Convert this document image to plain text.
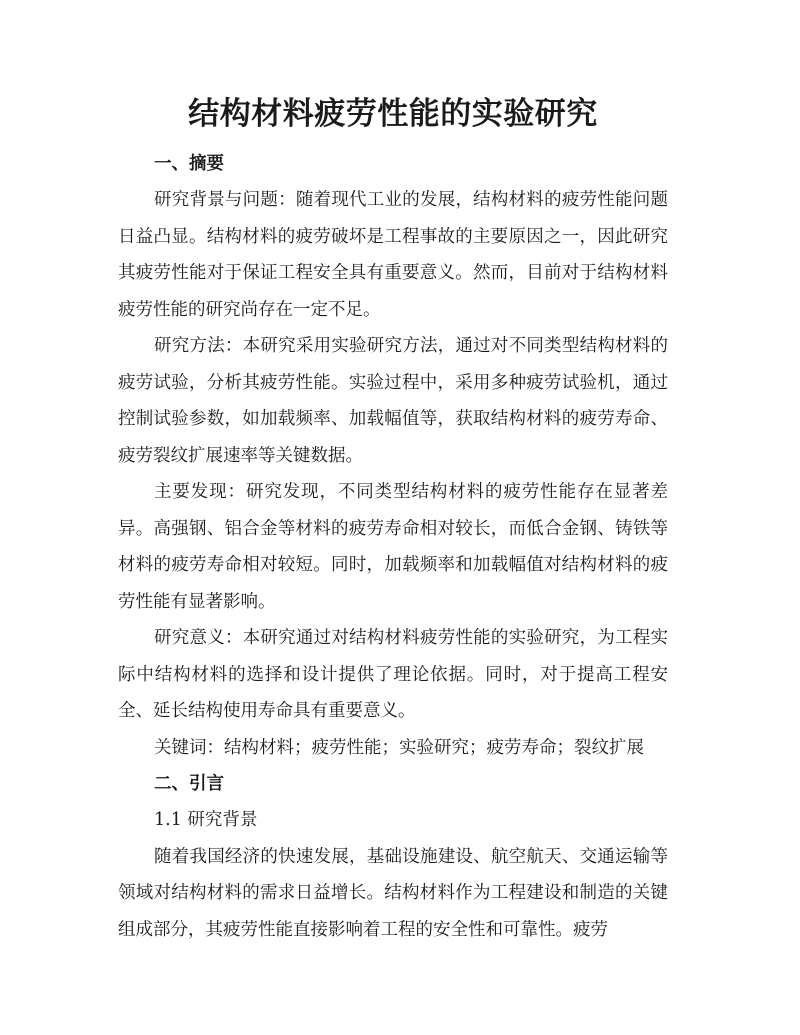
结构材料疲劳性能的实验研究
一、摘要

研究背景与问题：随着现代工业的发展，结构材料的疲劳性能问题日益凸显。结构材料的疲劳破坏是工程事故的主要原因之一，因此研究其疲劳性能对于保证工程安全具有重要意义。然而，目前对于结构材料疲劳性能的研究尚存在一定不足。

研究方法：本研究采用实验研究方法，通过对不同类型结构材料的疲劳试验，分析其疲劳性能。实验过程中，采用多种疲劳试验机，通过控制试验参数，如加载频率、加载幅值等，获取结构材料的疲劳寿命、疲劳裂纹扩展速率等关键数据。

主要发现：研究发现，不同类型结构材料的疲劳性能存在显著差异。高强钢、铝合金等材料的疲劳寿命相对较长，而低合金钢、铸铁等材料的疲劳寿命相对较短。同时，加载频率和加载幅值对结构材料的疲劳性能有显著影响。

研究意义：本研究通过对结构材料疲劳性能的实验研究，为工程实际中结构材料的选择和设计提供了理论依据。同时，对于提高工程安全、延长结构使用寿命具有重要意义。

关键词：结构材料；疲劳性能；实验研究；疲劳寿命；裂纹扩展

二、引言

1.1 研究背景

随着我国经济的快速发展，基础设施建设、航空航天、交通运输等领域对结构材料的需求日益增长。结构材料作为工程建设和制造的关键组成部分，其疲劳性能直接影响着工程的安全性和可靠性。疲劳
